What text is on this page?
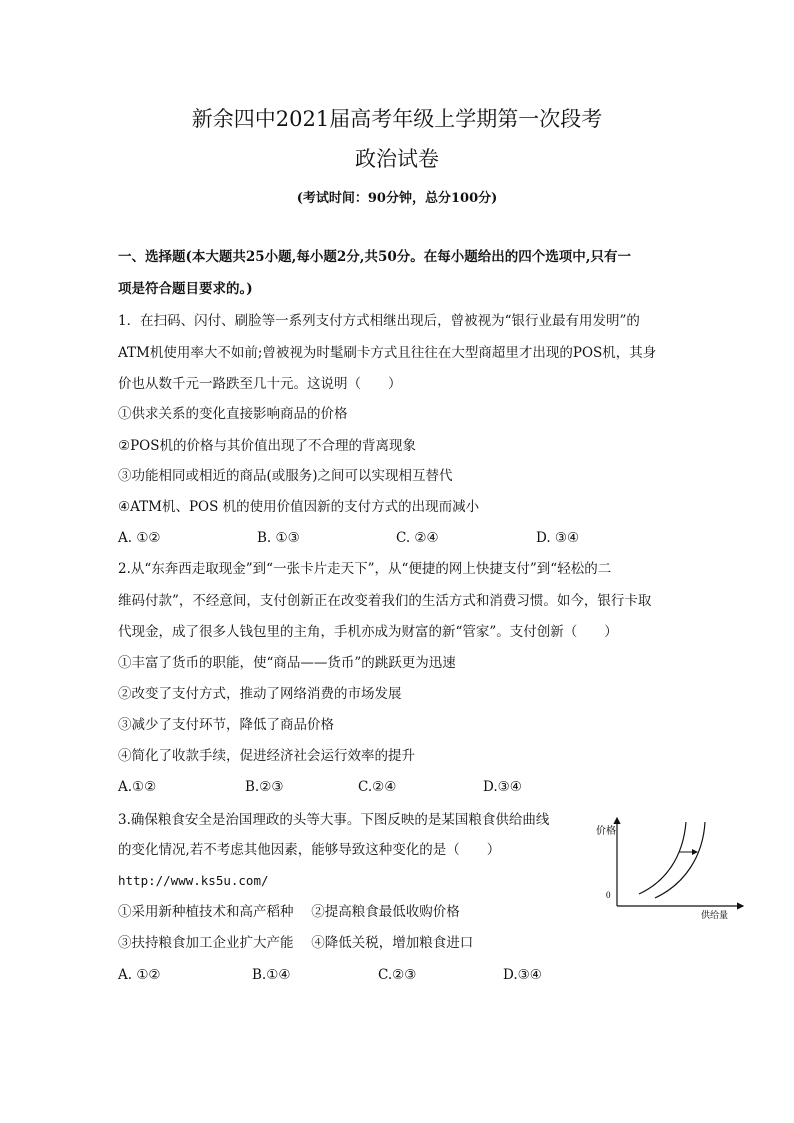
新余四中2021届高考年级上学期第一次段考
政治试卷
(考试时间：90分钟，总分100分)
一、选择题(本大题共25小题,每小题2分,共50分。在每小题给出的四个选项中,只有一
项是符合题目要求的。)
1．在扫码、闪付、刷脸等一系列支付方式相继出现后，曾被视为“银行业最有用发明”的
ATM机使用率大不如前;曾被视为时髦刷卡方式且往往在大型商超里才出现的POS机，其身
价也从数千元一路跌至几十元。这说明（　　）
①供求关系的变化直接影响商品的价格
②POS机的价格与其价值出现了不合理的背离现象
③功能相同或相近的商品(或服务)之间可以实现相互替代
④ATM机、POS 机的使用价值因新的支付方式的出现而减小
A. ①②	B. ①③	C. ②④	D. ③④
2.从“东奔西走取现金”到“一张卡片走天下”，从“便捷的网上快捷支付”到“轻松的二
维码付款”，不经意间，支付创新正在改变着我们的生活方式和消费习惯。如今，银行卡取
代现金，成了很多人钱包里的主角，手机亦成为财富的新“管家”。支付创新（　　）
①丰富了货币的职能，使“商品——货币”的跳跃更为迅速
②改变了支付方式，推动了网络消费的市场发展
③减少了支付环节，降低了商品价格
④简化了收款手续，促进经济社会运行效率的提升
A.①②	B.②③	C.②④	D.③④
3.确保粮食安全是治国理政的头等大事。下图反映的是某国粮食供给曲线
的变化情况,若不考虑其他因素，能够导致这种变化的是（　　）
http://www.ks5u.com/
①采用新种植技术和高产稻种　 ②提高粮食最低收购价格
③扶持粮食加工企业扩大产能　 ④降低关税，增加粮食进口
A. ①②	B.①④	C.②③	D.③④
价格
供给量
0
